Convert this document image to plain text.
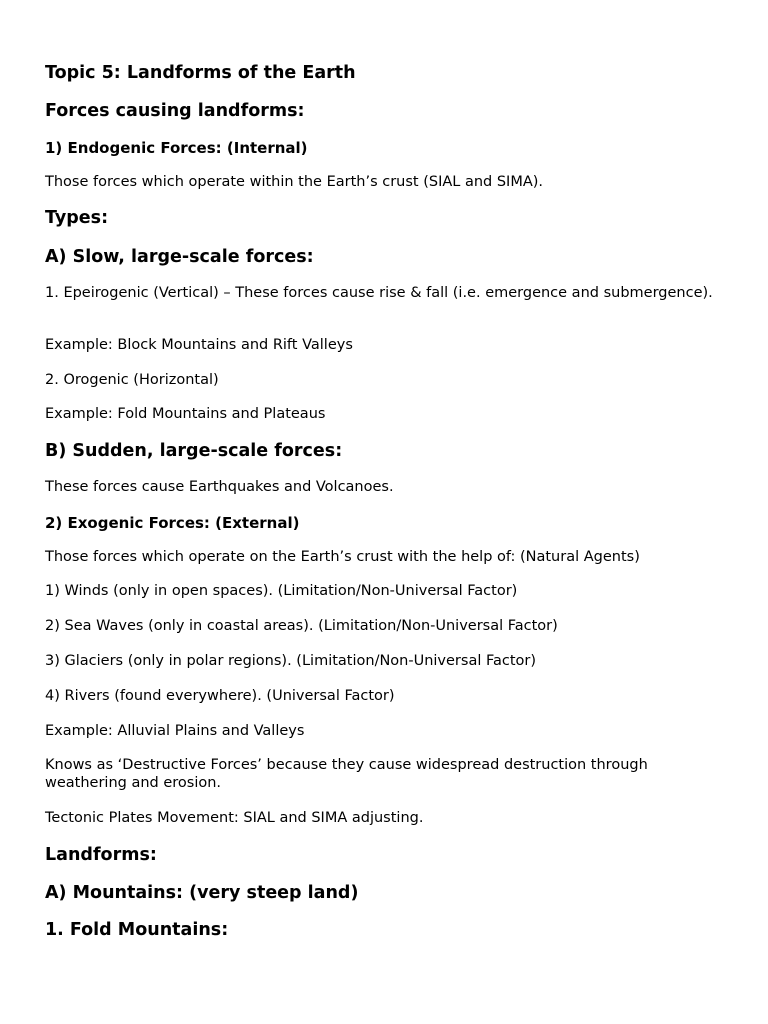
Topic 5: Landforms of the Earth
Forces causing landforms:
1) Endogenic Forces: (Internal)

Those forces which operate within the Earth’s crust (SIAL and SIMA).

Types:
A) Slow, large-scale forces:

1. Epeirogenic (Vertical) – These forces cause rise & fall (i.e. emergence and submergence).

Example: Block Mountains and Rift Valleys

2. Orogenic (Horizontal)

Example: Fold Mountains and Plateaus

B) Sudden, large-scale forces:

These forces cause Earthquakes and Volcanoes.

2) Exogenic Forces: (External)

Those forces which operate on the Earth’s crust with the help of: (Natural Agents)

1) Winds (only in open spaces). (Limitation/Non-Universal Factor)

2) Sea Waves (only in coastal areas). (Limitation/Non-Universal Factor)

3) Glaciers (only in polar regions). (Limitation/Non-Universal Factor)

4) Rivers (found everywhere). (Universal Factor)

Example: Alluvial Plains and Valleys

Knows as ‘Destructive Forces’ because they cause widespread destruction through weathering and erosion.

Tectonic Plates Movement: SIAL and SIMA adjusting.

Landforms:
A) Mountains: (very steep land)
1. Fold Mountains:
